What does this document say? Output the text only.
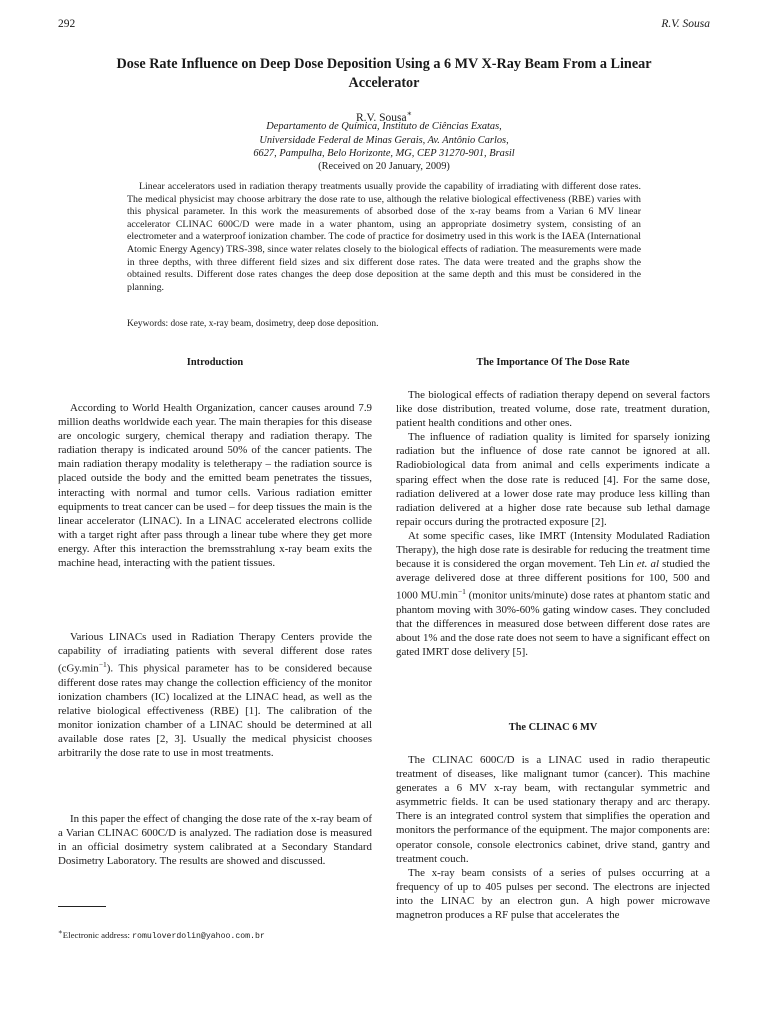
292	R.V. Sousa
Dose Rate Influence on Deep Dose Deposition Using a 6 MV X-Ray Beam From a Linear Accelerator
R.V. Sousa∗
Departamento de Química, Instituto de Ciências Exatas,
Universidade Federal de Minas Gerais, Av. Antônio Carlos,
6627, Pampulha, Belo Horizonte, MG, CEP 31270-901, Brasil
(Received on 20 January, 2009)

Linear accelerators used in radiation therapy treatments usually provide the capability of irradiating with different dose rates. The medical physicist may choose arbitrary the dose rate to use, although the relative biological effectiveness (RBE) varies with this physical parameter. In this work the measurements of absorbed dose of the x-ray beams from a Varian 6 MV linear accelerator CLINAC 600C/D were made in a water phantom, using an appropriate dosimetry system, consisting of an electrometer and a waterproof ionization chamber. The code of practice for dosimetry used in this work is the IAEA (International Atomic Energy Agency) TRS-398, since water relates closely to the biological effects of radiation. The measurements were made in three depths, with three different field sizes and six different dose rates. The data were treated and the graphs show the obtained results. Different dose rates changes the deep dose deposition at the same depth and this must be considered in the planning.

Keywords: dose rate, x-ray beam, dosimetry, deep dose deposition.
Introduction

According to World Health Organization, cancer causes around 7.9 million deaths worldwide each year. The main therapies for this disease are oncologic surgery, chemical therapy and radiation therapy. The radiation therapy is indicated around 50% of the cancer patients. The main radiation therapy modality is teletherapy – the radiation source is placed outside the body and the emitted beam penetrates the tissues, interacting with normal and tumor cells. Various radiation emitter equipments to treat cancer can be used – for deep tissues the main is the linear accelerator (LINAC). In a LINAC accelerated electrons collide with a target right after pass through a linear tube where they get more energy. After this interaction the bremsstrahlung x-ray beam exits the machine head, interacting with the patient tissues.

Various LINACs used in Radiation Therapy Centers provide the capability of irradiating patients with several different dose rates $(cGy.\min^{-1})$. This physical parameter has to be considered because different dose rates may change the collection efficiency of the monitor ionization chambers (IC) localized at the LINAC head, as well as the relative biological effectiveness (RBE) [1]. The calibration of the monitor ionization chamber of a LINAC should be determined at all available dose rates [2, 3]. Usually the medical physicist chooses arbitrarily the dose rate to use in most treatments.

In this paper the effect of changing the dose rate of the x-ray beam of a Varian CLINAC 600C/D is analyzed. The radiation dose is measured in an official dosimetry system calibrated at a Secondary Standard Dosimetry Laboratory. The results are showed and discussed.

∗Electronic address: romuloverdolin@yahoo.com.br
The Importance Of The Dose Rate

The biological effects of radiation therapy depend on several factors like dose distribution, treated volume, dose rate, treatment duration, patient health conditions and other ones.

The influence of radiation quality is limited for sparsely ionizing radiation but the influence of dose rate cannot be ignored at all. Radiobiological data from animal and cells experiments indicate a sparing effect when the dose rate is reduced [4]. For the same dose, radiation delivered at a lower dose rate may produce less killing than radiation delivered at a higher dose rate because sub lethal damage repair occurs during the protracted exposure [2].

At some specific cases, like IMRT (Intensity Modulated Radiation Therapy), the high dose rate is desirable for reducing the treatment time because it is considered the organ movement. Teh Lin et. al studied the average delivered dose at three different positions for 100, 500 and 1000 $MU.\min^{-1}$ (monitor units/minute) dose rates at phantom static and phantom moving with 30%-60% gating window cases. They concluded that the differences in measured dose between different dose rates are about 1% and the dose rate does not seem to have a significant effect on gated IMRT dose delivery [5].

The CLINAC 6 MV

The CLINAC 600C/D is a LINAC used in radio therapeutic treatment of diseases, like malignant tumor (cancer). This machine generates a 6 MV x-ray beam, with rectangular symmetric and asymmetric fields. It can be used stationary therapy and arc therapy. There is an integrated control system that simplifies the operation and monitors the performance of the equipment. The major components are: operator console, console electronics cabinet, drive stand, gantry and treatment couch.

The x-ray beam consists of a series of pulses occurring at a frequency of up to 405 pulses per second. The electrons are injected into the LINAC by an electron gun. A high power microwave magnetron produces a RF pulse that accelerates the
